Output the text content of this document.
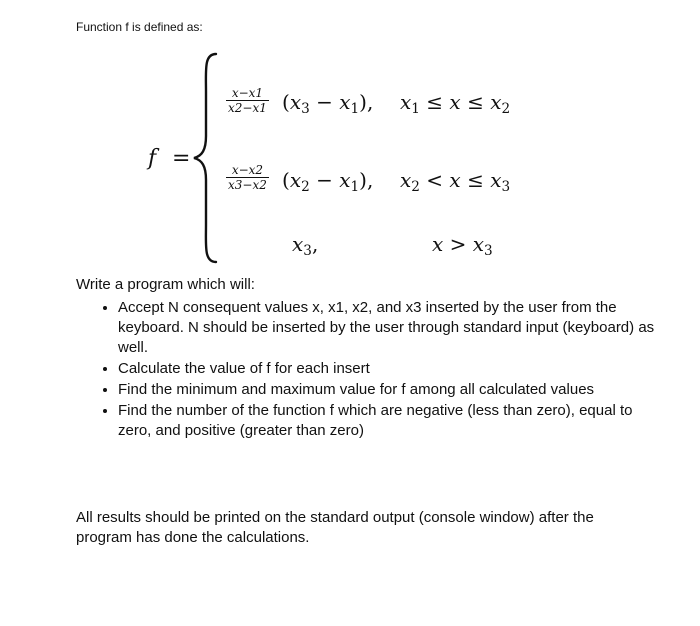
Function f is defined as:
f =
$\frac{x-x1}{x2-x1} (x_3 - x_1)$, $x_1 \le x \le x_2$
$\frac{x-x2}{x3-x2} (x_2 - x_1)$, $x_2 < x \le x_3$
$x_3$,	$x > x_3$
Write a program which will:
• Accept N consequent values x, x1, x2, and x3 inserted by the user from the keyboard. N should be inserted by the user through standard input (keyboard) as well.
• Calculate the value of f for each insert
• Find the minimum and maximum value for f among all calculated values
• Find the number of the function f which are negative (less than zero), equal to zero, and positive (greater than zero)

All results should be printed on the standard output (console window) after the program has done the calculations.
